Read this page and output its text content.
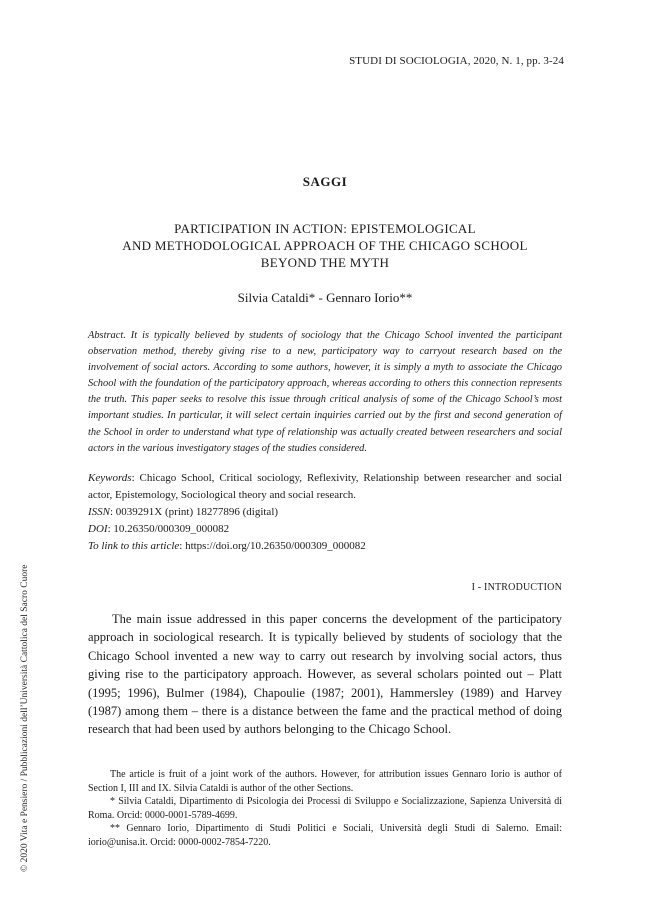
STUDI DI SOCIOLOGIA, 2020, N. 1, pp. 3-24
SAGGI
PARTICIPATION IN ACTION: EPISTEMOLOGICAL
AND METHODOLOGICAL APPROACH OF THE CHICAGO SCHOOL
BEYOND THE MYTH
Silvia Cataldi* - Gennaro Iorio**
Abstract. It is typically believed by students of sociology that the Chicago School invented the participant observation method, thereby giving rise to a new, participatory way to carryout research based on the involvement of social actors. According to some authors, however, it is simply a myth to associate the Chicago School with the foundation of the participatory approach, whereas according to others this connection represents the truth. This paper seeks to resolve this issue through critical analysis of some of the Chicago School’s most important studies. In particular, it will select certain inquiries carried out by the first and second generation of the School in order to understand what type of relationship was actually created between researchers and social actors in the various investigatory stages of the studies considered.

Keywords: Chicago School, Critical sociology, Reflexivity, Relationship between researcher and social actor, Epistemology, Sociological theory and social research.

ISSN: 0039291X (print) 18277896 (digital)

DOI: 10.26350/000309_000082

To link to this article: https://doi.org/10.26350/000309_000082

I - INTRODUCTION

The main issue addressed in this paper concerns the development of the participatory approach in sociological research. It is typically believed by students of sociology that the Chicago School invented a new way to carry out research by involving social actors, thus giving rise to the participatory approach. However, as several scholars pointed out – Platt (1995; 1996), Bulmer (1984), Chapoulie (1987; 2001), Hammersley (1989) and Harvey (1987) among them – there is a distance between the fame and the practical method of doing research that had been used by authors belonging to the Chicago School.

The article is fruit of a joint work of the authors. However, for attribution issues Gennaro Iorio is author of Section I, III and IX. Silvia Cataldi is author of the other Sections.

* Silvia Cataldi, Dipartimento di Psicologia dei Processi di Sviluppo e Socializzazione, Sapienza Università di Roma. Orcid: 0000-0001-5789-4699.

** Gennaro Iorio, Dipartimento di Studi Politici e Sociali, Università degli Studi di Salerno. Email: iorio@unisa.it. Orcid: 0000-0002-7854-7220.

© 2020 Vita e Pensiero / Pubblicazioni dell’Università Cattolica del Sacro Cuore
